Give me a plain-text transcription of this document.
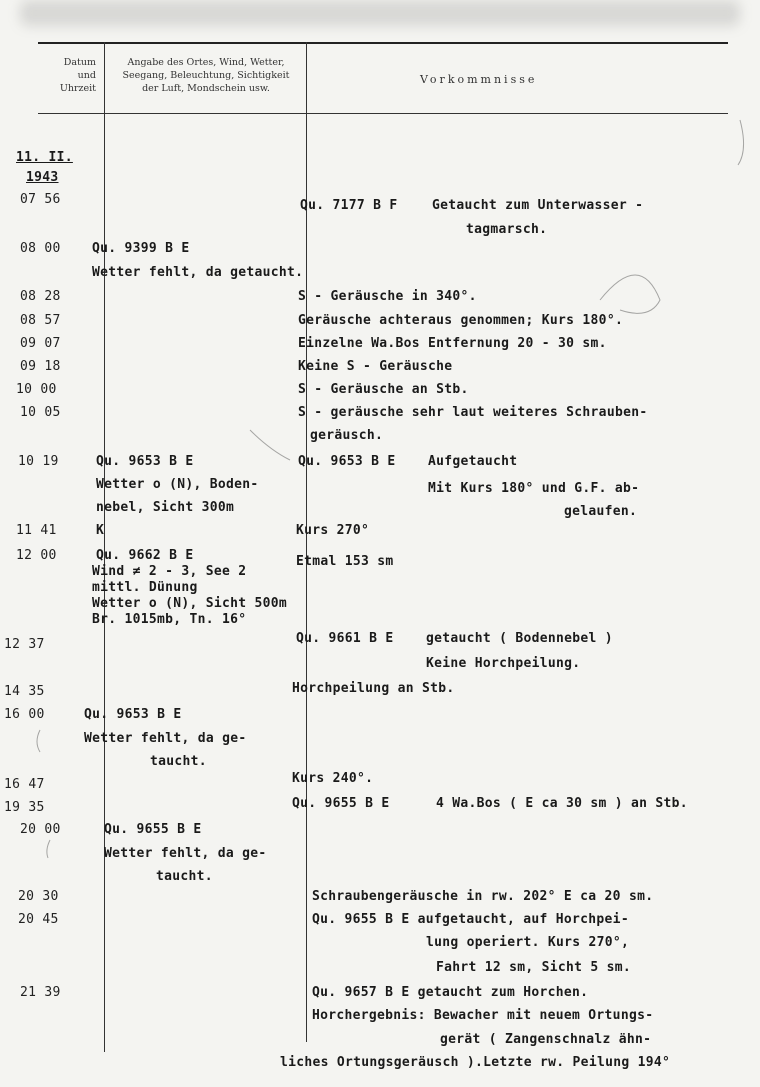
Datum
und
Uhrzeit
Angabe des Ortes, Wind, Wetter,
Seegang, Beleuchtung, Sichtigkeit
der Luft, Mondschein usw.
Vorkommnisse
11. II.
1943
07 56
08 00
08 28
08 57
09 07
09 18
10 00
10 05
10 19
11 41
12 00
12 37
14 35
16 00
16 47
19 35
20 00
20 30
20 45
21 39
Qu. 9399 B E
Wetter fehlt, da getaucht.
Qu. 9653 B E
Wetter o (N), Boden-
nebel, Sicht 300m
K
Qu. 9662 B E
Wind ≠ 2 - 3, See 2
mittl. Dünung
Wetter o (N), Sicht 500m
Br. 1015mb, Tn. 16°
Qu. 9653 B E
Wetter fehlt, da ge-
taucht.
Qu. 9655 B E
Wetter fehlt, da ge-
taucht.
Qu. 7177 B F	Getaucht zum Unterwasser -
tagmarsch.
S - Geräusche in 340°.
Geräusche achteraus genommen; Kurs 180°.
Einzelne Wa.Bos Entfernung 20 - 30 sm.
Keine S - Geräusche
S - Geräusche an Stb.
S - geräusche sehr laut weiteres Schrauben-
geräusch.
Qu. 9653 B E Aufgetaucht
Mit Kurs 180° und G.F. ab-
gelaufen.
Kurs 270°
Etmal 153 sm
Qu. 9661 B E getaucht ( Bodennebel )
Keine Horchpeilung.
Horchpeilung an Stb.
Kurs 240°.
Qu. 9655 B E	4 Wa.Bos ( E ca 30 sm ) an Stb.
Schraubengeräusche in rw. 202° E ca 20 sm.
Qu. 9655 B E aufgetaucht, auf Horchpei-
lung operiert. Kurs 270°,
Fahrt 12 sm, Sicht 5 sm.
Qu. 9657 B E getaucht zum Horchen.
Horchergebnis: Bewacher mit neuem Ortungs-
gerät ( Zangenschnalz ähn-
liches Ortungsgeräusch ).Letzte rw. Peilung 194°
